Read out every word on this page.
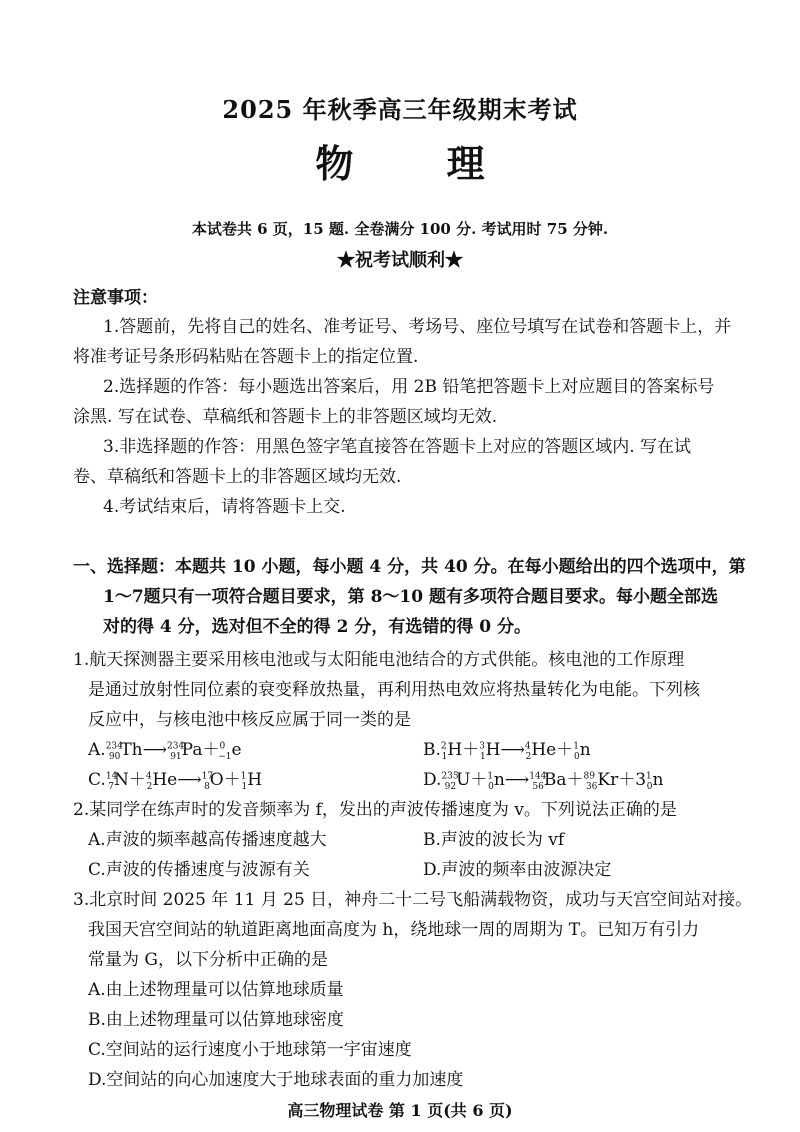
2025 年秋季高三年级期末考试
物 理
本试卷共 6 页，15 题. 全卷满分 100 分. 考试用时 75 分钟.
★祝考试顺利★
注意事项：
1.答题前，先将自己的姓名、准考证号、考场号、座位号填写在试卷和答题卡上，并
将准考证号条形码粘贴在答题卡上的指定位置.
2.选择题的作答：每小题选出答案后，用 2B 铅笔把答题卡上对应题目的答案标号
涂黑. 写在试卷、草稿纸和答题卡上的非答题区域均无效.
3.非选择题的作答：用黑色签字笔直接答在答题卡上对应的答题区域内. 写在试
卷、草稿纸和答题卡上的非答题区域均无效.
4.考试结束后，请将答题卡上交.
一、选择题：本题共 10 小题，每小题 4 分，共 40 分。在每小题给出的四个选项中，第
1～7题只有一项符合题目要求，第 8～10 题有多项符合题目要求。每小题全部选
对的得 4 分，选对但不全的得 2 分，有选错的得 0 分。
1.航天探测器主要采用核电池或与太阳能电池结合的方式供能。核电池的工作原理
是通过放射性同位素的衰变释放热量，再利用热电效应将热量转化为电能。下列核
反应中，与核电池中核反应属于同一类的是
A.$^{234}_{90}$Th⟶$^{234}_{91}$Pa＋$^0_{-1}$e	B.$^2_1$H＋$^3_1$H⟶$^4_2$He＋$^1_0$n
C.$^{14}_7$N＋$^4_2$He⟶$^{17}_8$O＋$^1_1$H	$D.^{235}_{92}U+^1_0n⟶^{144}_{56}Ba+^{89}_{36}Kr+3^1_0n$
2.某同学在练声时的发音频率为 f，发出的声波传播速度为 v。下列说法正确的是
A.声波的频率越高传播速度越大	B.声波的波长为 vf
C.声波的传播速度与波源有关	D.声波的频率由波源决定
3.北京时间 2025 年 11 月 25 日，神舟二十二号飞船满载物资，成功与天宫空间站对接。
我国天宫空间站的轨道距离地面高度为 h，绕地球一周的周期为 T。已知万有引力
常量为 G，以下分析中正确的是
A.由上述物理量可以估算地球质量
B.由上述物理量可以估算地球密度
C.空间站的运行速度小于地球第一宇宙速度
D.空间站的向心加速度大于地球表面的重力加速度
高三物理试卷 第 1 页(共 6 页)
